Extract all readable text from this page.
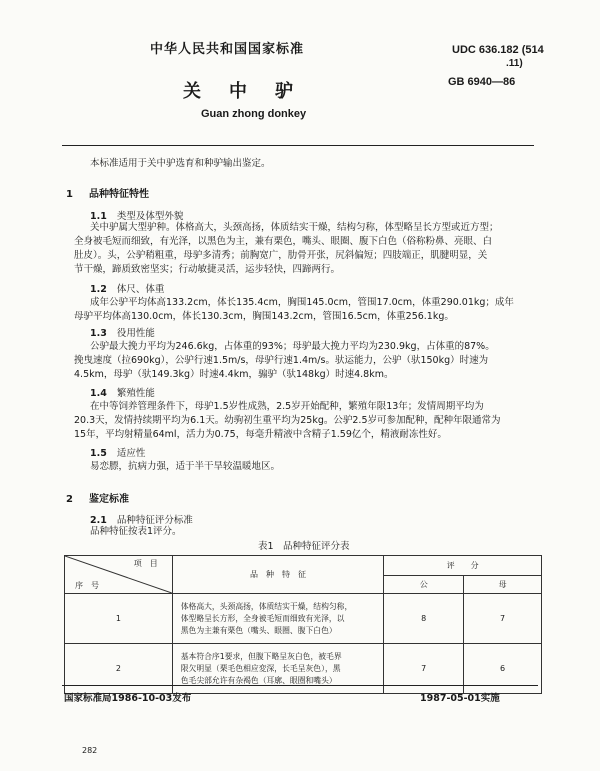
中华人民共和国国家标准	UDC 636.182 (514
.11)
GB 6940—86
关中驴
Guan zhong donkey
本标准适用于关中驴选育和种驴输出鉴定。
1 品种特征特性
1.1 类型及体型外貌
关中驴属大型驴种。体格高大，头颈高扬，体质结实干燥，结构匀称，体型略呈长方型或近方型；
全身被毛短而细致，有光泽，以黑色为主，兼有栗色，嘴头、眼圈、腹下白色（俗称粉鼻、亮眼、白
肚皮）。头，公驴稍粗重，母驴多清秀；前胸宽广，肋骨开张，尻斜偏短；四肢端正，肌腱明显，关
节干燥，蹄质致密坚实；行动敏捷灵活，运步轻快，四蹄两行。
1.2 体尺、体重
成年公驴平均体高133.2cm，体长135.4cm，胸围145.0cm，管围17.0cm，体重290.01kg；成年
母驴平均体高130.0cm，体长130.3cm，胸围143.2cm，管围16.5cm，体重256.1kg。
1.3 役用性能
公驴最大挽力平均为246.6kg，占体重的93%；母驴最大挽力平均为230.9kg，占体重的87%。
挽曳速度（拉690kg），公驴行速1.5m/s，母驴行速1.4m/s。驮运能力，公驴（驮150kg）时速为
4.5km，母驴（驮149.3kg）时速4.4km，骟驴（驮148kg）时速4.8km。
1.4 繁殖性能
在中等饲养管理条件下，母驴1.5岁性成熟，2.5岁开始配种，繁殖年限13年；发情周期平均为
20.3天，发情持续期平均为6.1天。幼驹初生重平均为25kg。公驴2.5岁可参加配种，配种年限通常为
15年，平均射精量64ml，活力为0.75，每毫升精液中含精子1.59亿个，精液耐冻性好。
1.5 适应性
易恋膘，抗病力强，适于半干旱较温暖地区。
2 鉴定标准
2.1 品种特征评分标准
品种特征按表1评分。
表1　品种特征评分表
项　目
序　号	品　种　特　征	评　　分	
		公	母
1	体格高大，头颈高扬，体质结实干燥，结构匀称，
体型略呈长方形，全身被毛短而细致有光泽，以
黑色为主兼有栗色（嘴头、眼圈、腹下白色）	8	7
2	基本符合序1要求，但腹下略呈灰白色，被毛界
限欠明显（栗毛色相应変深，长毛呈灰色），黑
色毛尖部允许有杂褐色（耳廓、眼圈和嘴头）	7	6
国家标准局1986-10-03发布	1987-05-01实施
282
